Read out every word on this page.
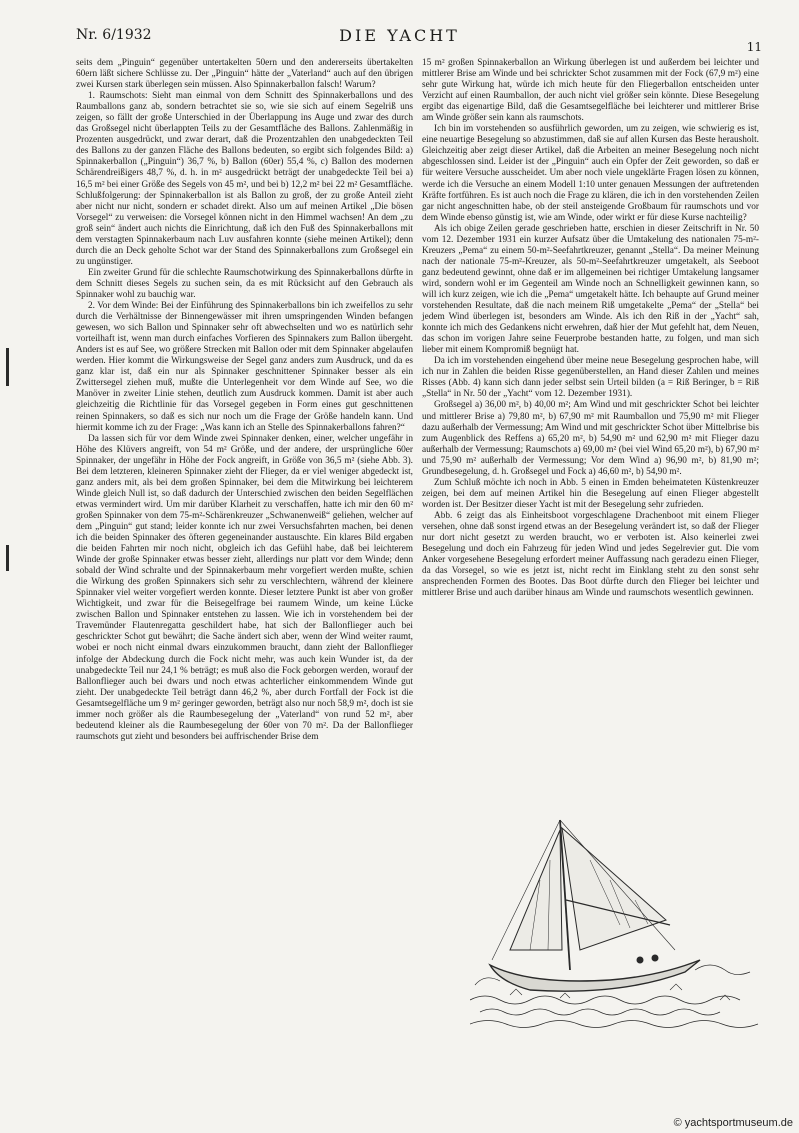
Nr. 6/1932	DIE YACHT
11

seits dem „Pinguin“ gegenüber untertakelten 50ern und den andererseits übertakelten 60ern läßt sichere Schlüsse zu. Der „Pinguin“ hätte der „Vaterland“ auch auf den übrigen zwei Kursen stark überlegen sein müssen. Also Spinnakerballon falsch! Warum?

1. Raumschots: Sieht man einmal von dem Schnitt des Spinnakerballons und des Raumballons ganz ab, sondern betrachtet sie so, wie sie sich auf einem Segelriß uns zeigen, so fällt der große Unterschied in der Überlappung ins Auge und zwar des durch das Großsegel nicht überlappten Teils zu der Gesamtfläche des Ballons. Zahlenmäßig in Prozenten ausgedrückt, und zwar derart, daß die Prozentzahlen den unabgedeckten Teil des Ballons zu der ganzen Fläche des Ballons bedeuten, so ergibt sich folgendes Bild: a) Spinnakerballon („Pinguin“) 36,7 %, b) Ballon (60er) 55,4 %, c) Ballon des modernen Schärendreißigers 48,7 %, d. h. in m² ausgedrückt beträgt der unabgedeckte Teil bei a) 16,5 m² bei einer Größe des Segels von 45 m², und bei b) 12,2 m² bei 22 m² Gesamtfläche. Schlußfolgerung: der Spinnakerballon ist als Ballon zu groß, der zu große Anteil zieht aber nicht nur nicht, sondern er schadet direkt. Also um auf meinen Artikel „Die bösen Vorsegel“ zu verweisen: die Vorsegel können nicht in den Himmel wachsen! An dem „zu groß sein“ ändert auch nichts die Einrichtung, daß ich den Fuß des Spinnakerballons mit dem verstagten Spinnakerbaum nach Luv ausfahren konnte (siehe meinen Artikel); denn durch die an Deck geholte Schot war der Stand des Spinnakerballons zum Großsegel ein zu ungünstiger.

Ein zweiter Grund für die schlechte Raumschotwirkung des Spinnakerballons dürfte in dem Schnitt dieses Segels zu suchen sein, da es mit Rücksicht auf den Gebrauch als Spinnaker wohl zu bauchig war.

2. Vor dem Winde: Bei der Einführung des Spinnakerballons bin ich zweifellos zu sehr durch die Verhältnisse der Binnengewässer mit ihren umspringenden Winden befangen gewesen, wo sich Ballon und Spinnaker sehr oft abwechselten und wo es natürlich sehr vorteilhaft ist, wenn man durch einfaches Vorfieren des Spinnakers zum Ballon übergeht. Anders ist es auf See, wo größere Strecken mit Ballon oder mit dem Spinnaker abgelaufen werden. Hier kommt die Wirkungsweise der Segel ganz anders zum Ausdruck, und da es ganz klar ist, daß ein nur als Spinnaker geschnittener Spinnaker besser als ein Zwittersegel ziehen muß, mußte die Unterlegenheit vor dem Winde auf See, wo die Manöver in zweiter Linie stehen, deutlich zum Ausdruck kommen. Damit ist aber auch gleichzeitig die Richtlinie für das Vorsegel gegeben in Form eines gut geschnittenen reinen Spinnakers, so daß es sich nur noch um die Frage der Größe handeln kann. Und hiermit komme ich zu der Frage: „Was kann ich an Stelle des Spinnakerballons fahren?“

Da lassen sich für vor dem Winde zwei Spinnaker denken, einer, welcher ungefähr in Höhe des Klüvers angreift, von 54 m² Größe, und der andere, der ursprüngliche 60er Spinnaker, der ungefähr in Höhe der Fock angreift, in Größe von 36,5 m² (siehe Abb. 3). Bei dem letzteren, kleineren Spinnaker zieht der Flieger, da er viel weniger abgedeckt ist, ganz anders mit, als bei dem großen Spinnaker, bei dem die Mitwirkung bei leichterem Winde gleich Null ist, so daß dadurch der Unterschied zwischen den beiden Segelflächen etwas vermindert wird. Um mir darüber Klarheit zu verschaffen, hatte ich mir den 60 m² großen Spinnaker von dem 75-m²-Schärenkreuzer „Schwanenweiß“ geliehen, welcher auf dem „Pinguin“ gut stand; leider konnte ich nur zwei Versuchsfahrten machen, bei denen ich die beiden Spinnaker des öfteren gegeneinander austauschte. Ein klares Bild ergaben die beiden Fahrten mir noch nicht, obgleich ich das Gefühl habe, daß bei leichterem Winde der große Spinnaker etwas besser zieht, allerdings nur platt vor dem Winde; denn sobald der Wind schralte und der Spinnakerbaum mehr vorgefiert werden mußte, schien die Wirkung des großen Spinnakers sich sehr zu verschlechtern, während der kleinere Spinnaker viel weiter vorgefiert werden konnte. Dieser letztere Punkt ist aber von großer Wichtigkeit, und zwar für die Beisegelfrage bei raumem Winde, um keine Lücke zwischen Ballon und Spinnaker entstehen zu lassen. Wie ich in vorstehendem bei der Travemünder Flautenregatta geschildert habe, hat sich der Ballonflieger auch bei geschrickter Schot gut bewährt; die Sache ändert sich aber, wenn der Wind weiter raumt, wobei er noch nicht einmal dwars einzukommen braucht, dann zieht der Ballonflieger infolge der Abdeckung durch die Fock nicht mehr, was auch kein Wunder ist, da der unabgedeckte Teil nur 24,1 % beträgt; es muß also die Fock geborgen werden, worauf der Ballonflieger auch bei dwars und noch etwas achterlicher einkommendem Winde gut zieht. Der unabgedeckte Teil beträgt dann 46,2 %, aber durch Fortfall der Fock ist die Gesamtsegelfläche um 9 m² geringer geworden, beträgt also nur noch 58,9 m², doch ist sie immer noch größer als die Raumbesegelung der „Vaterland“ von rund 52 m², aber bedeutend kleiner als die Raumbesegelung der 60er von 70 m². Da der Ballonflieger raumschots gut zieht und besonders bei auffrischender Brise dem

15 m² großen Spinnakerballon an Wirkung überlegen ist und außerdem bei leichter und mittlerer Brise am Winde und bei schrickter Schot zusammen mit der Fock (67,9 m²) eine sehr gute Wirkung hat, würde ich mich heute für den Fliegerballon entscheiden unter Verzicht auf einen Raumballon, der auch nicht viel größer sein könnte. Diese Besegelung ergibt das eigenartige Bild, daß die Gesamtsegelfläche bei leichterer und mittlerer Brise am Winde größer sein kann als raumschots.

Ich bin im vorstehenden so ausführlich geworden, um zu zeigen, wie schwierig es ist, eine neuartige Besegelung so abzustimmen, daß sie auf allen Kursen das Beste herausholt. Gleichzeitig aber zeigt dieser Artikel, daß die Arbeiten an meiner Besegelung noch nicht abgeschlossen sind. Leider ist der „Pinguin“ auch ein Opfer der Zeit geworden, so daß er für weitere Versuche ausscheidet. Um aber noch viele ungeklärte Fragen lösen zu können, werde ich die Versuche an einem Modell 1:10 unter genauen Messungen der auftretenden Kräfte fortführen. Es ist auch noch die Frage zu klären, die ich in den vorstehenden Zeilen gar nicht angeschnitten habe, ob der steil ansteigende Großbaum für raumschots und vor dem Winde ebenso günstig ist, wie am Winde, oder wirkt er für diese Kurse nachteilig?

Als ich obige Zeilen gerade geschrieben hatte, erschien in dieser Zeitschrift in Nr. 50 vom 12. Dezember 1931 ein kurzer Aufsatz über die Umtakelung des nationalen 75-m²-Kreuzers „Pema“ zu einem 50-m²-Seefahrtkreuzer, genannt „Stella“. Da meiner Meinung nach der nationale 75-m²-Kreuzer, als 50-m²-Seefahrtkreuzer umgetakelt, als Seeboot ganz bedeutend gewinnt, ohne daß er im allgemeinen bei richtiger Umtakelung langsamer wird, sondern wohl er im Gegenteil am Winde noch an Schnelligkeit gewinnen kann, so will ich kurz zeigen, wie ich die „Pema“ umgetakelt hätte. Ich behaupte auf Grund meiner vorstehenden Resultate, daß die nach meinem Riß umgetakelte „Pema“ der „Stella“ bei jedem Wind überlegen ist, besonders am Winde. Als ich den Riß in der „Yacht“ sah, konnte ich mich des Gedankens nicht erwehren, daß hier der Mut gefehlt hat, dem Neuen, das schon im vorigen Jahre seine Feuerprobe bestanden hatte, zu folgen, und man sich lieber mit einem Kompromiß begnügt hat.

Da ich im vorstehenden eingehend über meine neue Besegelung gesprochen habe, will ich nur in Zahlen die beiden Risse gegenüberstellen, an Hand dieser Zahlen und meines Risses (Abb. 4) kann sich dann jeder selbst sein Urteil bilden (a = Riß Beringer, b = Riß „Stella“ in Nr. 50 der „Yacht“ vom 12. Dezember 1931).

Großsegel a) 36,00 m², b) 40,00 m²; Am Wind und mit geschrickter Schot bei leichter und mittlerer Brise a) 79,80 m², b) 67,90 m² mit Raumballon und 75,90 m² mit Flieger dazu außerhalb der Vermessung; Am Wind und mit geschrickter Schot über Mittelbrise bis zum Augenblick des Reffens a) 65,20 m², b) 54,90 m² und 62,90 m² mit Flieger dazu außerhalb der Vermessung; Raumschots a) 69,00 m² (bei viel Wind 65,20 m²), b) 67,90 m² und 75,90 m² außerhalb der Vermessung; Vor dem Wind a) 96,90 m², b) 81,90 m²; Grundbesegelung, d. h. Großsegel und Fock a) 46,60 m², b) 54,90 m².

Zum Schluß möchte ich noch in Abb. 5 einen in Emden beheimateten Küstenkreuzer zeigen, bei dem auf meinen Artikel hin die Besegelung auf einen Flieger abgestellt worden ist. Der Besitzer dieser Yacht ist mit der Besegelung sehr zufrieden.

Abb. 6 zeigt das als Einheitsboot vorgeschlagene Drachenboot mit einem Flieger versehen, ohne daß sonst irgend etwas an der Besegelung verändert ist, so daß der Flieger nur dort nicht gesetzt zu werden braucht, wo er verboten ist. Also keinerlei zwei Besegelung und doch ein Fahrzeug für jeden Wind und jedes Segelrevier gut. Die vom Anker vorgesehene Besegelung erfordert meiner Auffassung nach geradezu einen Flieger, da das Vorsegel, so wie es jetzt ist, nicht recht im Einklang steht zu den sonst sehr ansprechenden Formen des Bootes. Das Boot dürfte durch den Flieger bei leichter und mittlerer Brise und auch darüber hinaus am Winde und raumschots wesentlich gewinnen.

© yachtsportmuseum.de
